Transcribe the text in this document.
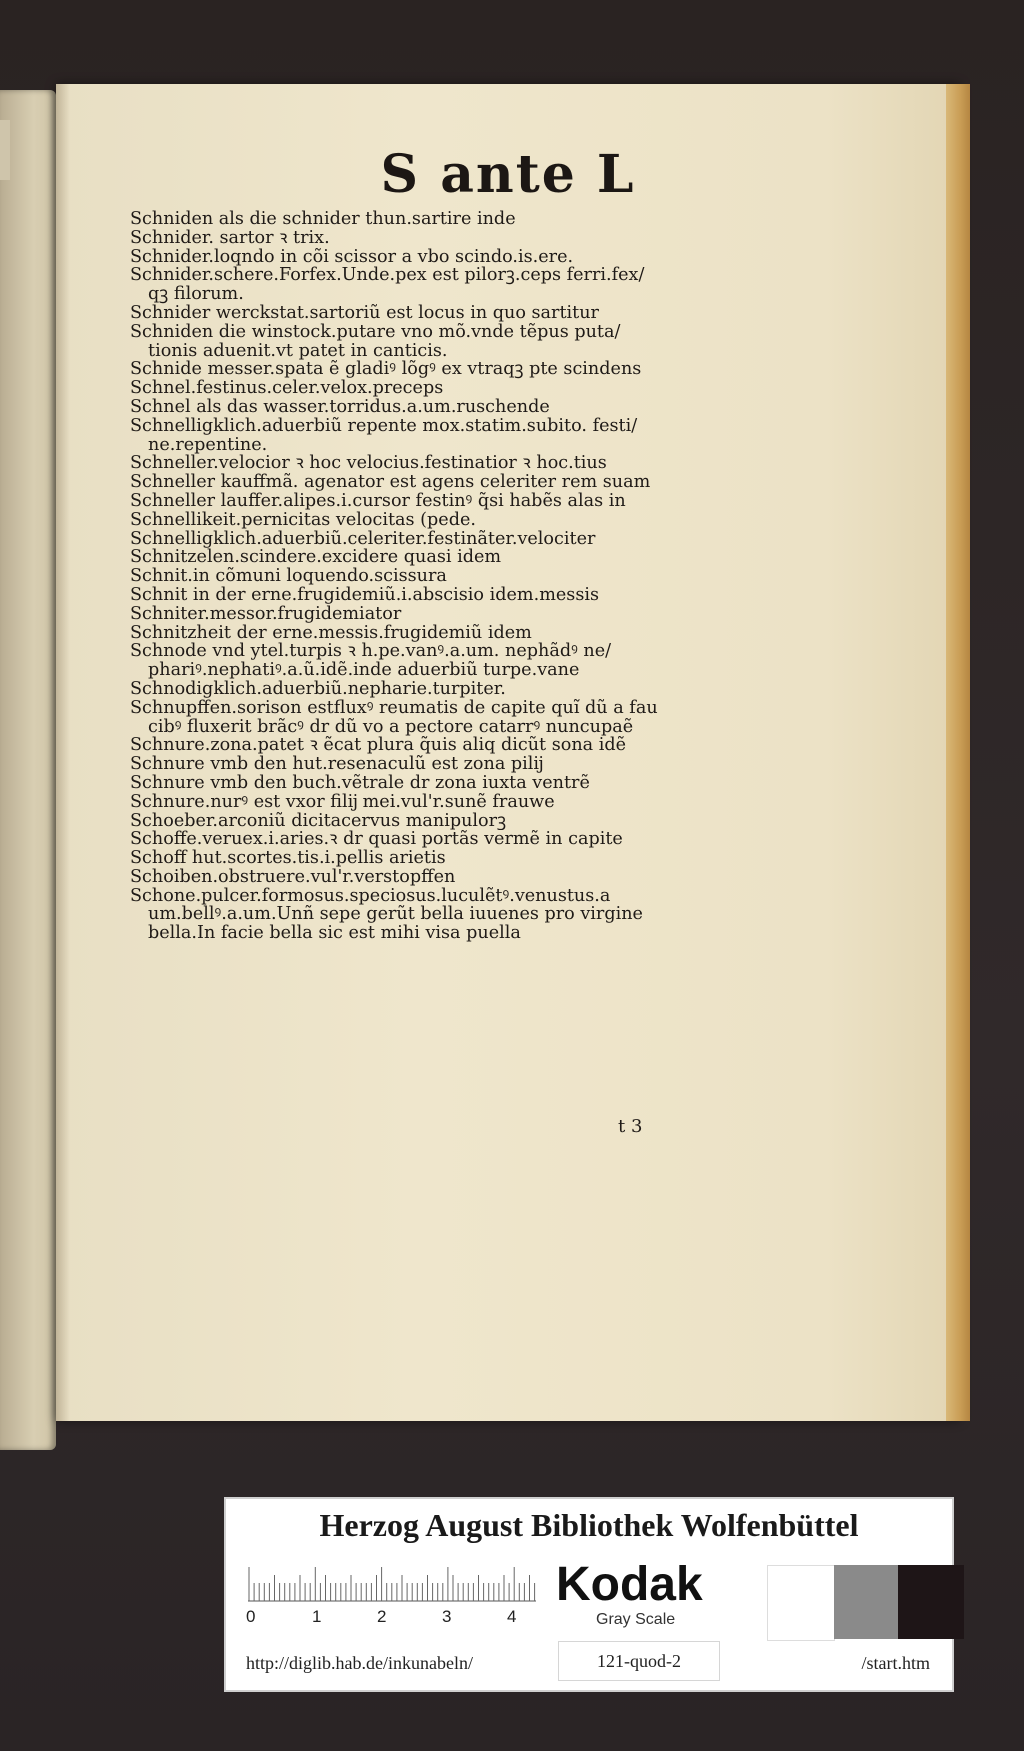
S ante L
Schniden als die schnider thun.sartire inde
Schnider. sartor ꝛ trix.
Schnider.loqndo in cõi scissor a vbo scindo.is.ere.
Schnider.schere.Forfex.Unde.pex est pilorꝫ.ceps ferri.fex/
qꝫ filorum.
Schnider werckstat.sartoriũ est locus in quo sartitur
Schniden die winstock.putare vno mõ.vnde tẽpus puta/
tionis aduenit.vt patet in canticis.
Schnide messer.spata ẽ gladiꝰ lõgꝰ ex vtraqꝫ pte scindens
Schnel.festinus.celer.velox.preceps
Schnel als das wasser.torridus.a.um.ruschende
Schnelligklich.aduerbiũ repente mox.statim.subito. festi/
ne.repentine.
Schneller.velocior ꝛ hoc velocius.festinatior ꝛ hoc.tius
Schneller kauffmã. agenator est agens celeriter rem suam
Schneller lauffer.alipes.i.cursor festinꝰ q̃si habẽs alas in
Schnellikeit.pernicitas velocitas (pede.
Schnelligklich.aduerbiũ.celeriter.festinãter.velociter
Schnitzelen.scindere.excidere quasi idem
Schnit.in cõmuni loquendo.scissura
Schnit in der erne.frugidemiũ.i.abscisio idem.messis
Schniter.messor.frugidemiator
Schnitzheit der erne.messis.frugidemiũ idem
Schnode vnd ytel.turpis ꝛ h̃.pe.vanꝰ.a.um. nephãdꝰ ne/
phariꝰ.nephatiꝰ.a.ũ.idẽ.inde aduerbiũ turpe.vane
Schnodigklich.aduerbiũ.nepharie.turpiter.
Schnupffen.sorison estfluxꝰ reumatis de capite quĩ dũ a fau
cibꝰ fluxerit brãcꝰ dr dũ vo a pectore catarrꝰ nuncupaẽ
Schnure.zona.patet ꝛ ẽcat plura q̃uis aliq dicũt sona idẽ
Schnure vmb den hut.resenaculũ est zona pilĳ
Schnure vmb den buch.vẽtrale dr zona iuxta ventrẽ
Schnure.nurꝰ est vxor filĳ mei.vul'r.sunẽ frauwe
Schoeber.arconiũ dicitacervus manipulorꝫ
Schoffe.veruex.i.aries.ꝛ dr quasi portãs vermẽ in capite
Schoff hut.scortes.tis.i.pellis arietis
Schoiben.obstruere.vul'r.verstopffen
Schone.pulcer.formosus.speciosus.luculẽtꝰ.venustus.a
um.bellꝰ.a.um.Unñ sepe gerũt bella iuuenes pro virgine
bella.In facie bella sic est mihi visa puella
t 3
Herzog August Bibliothek Wolfenbüttel
0	1	2	3	4
Kodak
Gray Scale
http://diglib.hab.de/inkunabeln/	121-quod-2	/start.htm
